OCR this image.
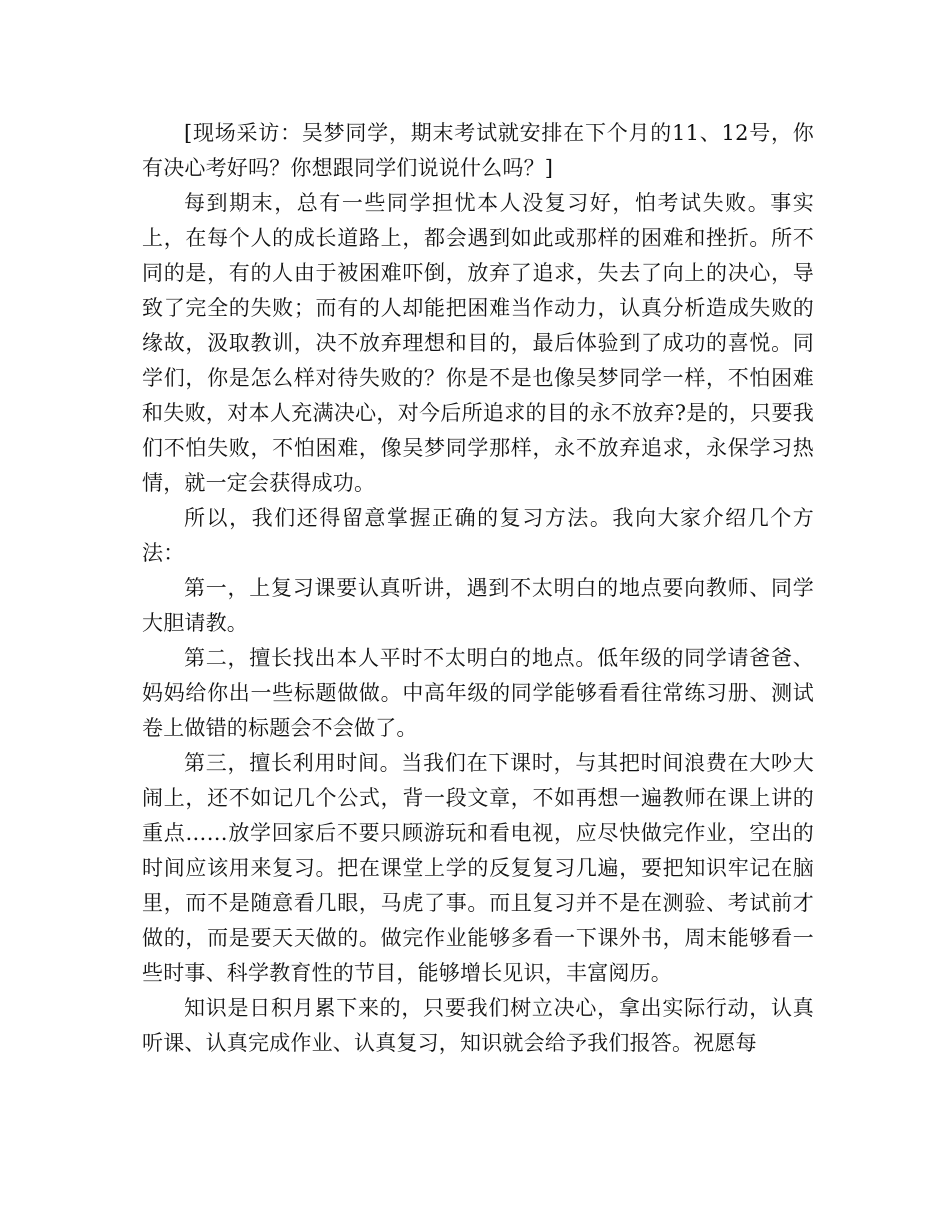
[现场采访：吴梦同学，期末考试就安排在下个月的11、12号，你有决心考好吗？你想跟同学们说说什么吗？]

每到期末，总有一些同学担忧本人没复习好，怕考试失败。事实上，在每个人的成长道路上，都会遇到如此或那样的困难和挫折。所不同的是，有的人由于被困难吓倒，放弃了追求，失去了向上的决心，导致了完全的失败；而有的人却能把困难当作动力，认真分析造成失败的缘故，汲取教训，决不放弃理想和目的，最后体验到了成功的喜悦。同学们，你是怎么样对待失败的？你是不是也像吴梦同学一样，不怕困难和失败，对本人充满决心，对今后所追求的目的永不放弃?是的，只要我们不怕失败，不怕困难，像吴梦同学那样，永不放弃追求，永保学习热情，就一定会获得成功。

所以，我们还得留意掌握正确的复习方法。我向大家介绍几个方法：

第一，上复习课要认真听讲，遇到不太明白的地点要向教师、同学大胆请教。

第二，擅长找出本人平时不太明白的地点。低年级的同学请爸爸、妈妈给你出一些标题做做。中高年级的同学能够看看往常练习册、测试卷上做错的标题会不会做了。

第三，擅长利用时间。当我们在下课时，与其把时间浪费在大吵大闹上，还不如记几个公式，背一段文章，不如再想一遍教师在课上讲的重点……放学回家后不要只顾游玩和看电视，应尽快做完作业，空出的时间应该用来复习。把在课堂上学的反复复习几遍，要把知识牢记在脑里，而不是随意看几眼，马虎了事。而且复习并不是在测验、考试前才做的，而是要天天做的。做完作业能够多看一下课外书，周末能够看一些时事、科学教育性的节目，能够增长见识，丰富阅历。

知识是日积月累下来的，只要我们树立决心，拿出实际行动，认真听课、认真完成作业、认真复习，知识就会给予我们报答。祝愿每
